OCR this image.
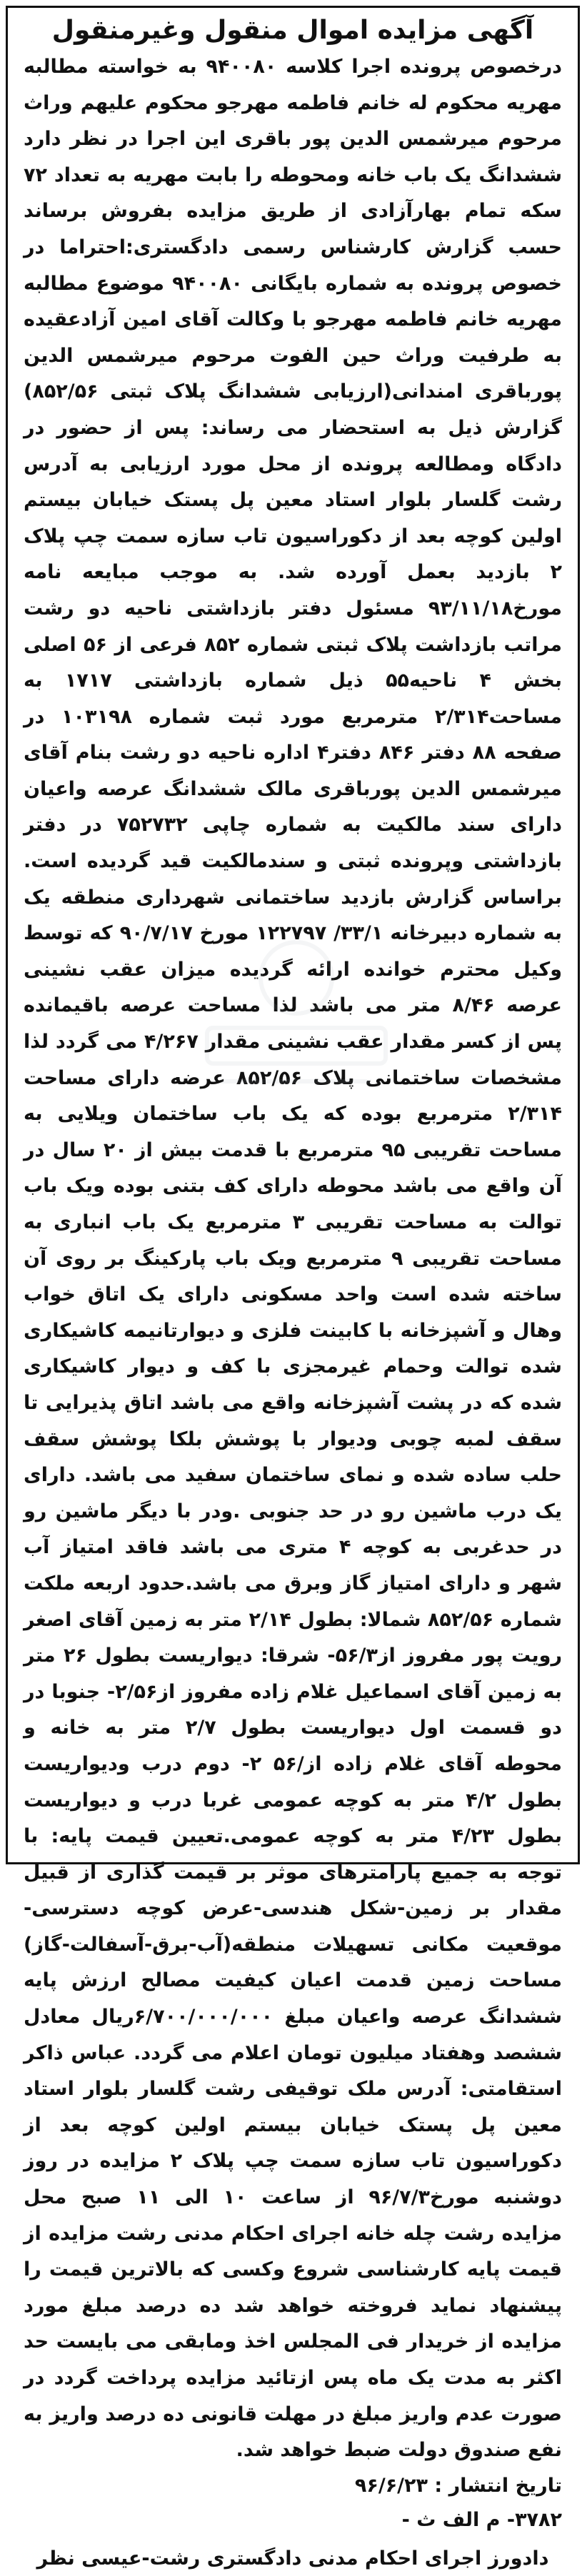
آگهی مزایده اموال منقول وغیرمنقول

درخصوص پرونده اجرا کلاسه ۹۴۰۰۸۰ به خواسته مطالبه مهریه محکوم له خانم فاطمه مهرجو محکوم علیهم وراث مرحوم میرشمس الدین پور باقری این اجرا در نظر دارد ششدانگ یک باب خانه ومحوطه را بابت مهریه به تعداد ۷۲ سکه تمام بهارآزادی از طریق مزایده بفروش برساند حسب گزارش کارشناس رسمی دادگستری:احتراما در خصوص پرونده به شماره بایگانی ۹۴۰۰۸۰ موضوع مطالبه مهریه خانم فاطمه مهرجو با وکالت آقای امین آزادعقیده به طرفیت وراث حین الفوت مرحوم میرشمس الدین پورباقری امندانی(ارزیابی ششدانگ پلاک ثبتی ۸۵۲/۵۶) گزارش ذیل به استحضار می رساند: پس از حضور در دادگاه ومطالعه پرونده از محل مورد ارزیابی به آدرس رشت گلسار بلوار استاد معین پل پستک خیابان بیستم اولین کوچه بعد از دکوراسیون تاب سازه سمت چپ پلاک ۲ بازدید بعمل آورده شد. به موجب مبایعه نامه مورخ۹۳/۱۱/۱۸ مسئول دفتر بازداشتی ناحیه دو رشت مراتب بازداشت پلاک ثبتی شماره ۸۵۲ فرعی از ۵۶ اصلی بخش ۴ ناحیه۵۵ ذیل شماره بازداشتی ۱۷۱۷ به مساحت۲/۳۱۴ مترمربع مورد ثبت شماره ۱۰۳۱۹۸ در صفحه ۸۸ دفتر ۸۴۶ دفتر۴ اداره ناحیه دو رشت بنام آقای میرشمس الدین پورباقری مالک ششدانگ عرصه واعیان دارای سند مالکیت به شماره چاپی ۷۵۲۷۳۲ در دفتر بازداشتی وپرونده ثبتی و سندمالکیت قید گردیده است. براساس گزارش بازدید ساختمانی شهرداری منطقه یک به شماره دبیرخانه ۳۳/۱/ ۱۲۲۷۹۷ مورخ ۹۰/۷/۱۷ که توسط وکیل محترم خوانده ارائه گردیده میزان عقب نشینی عرصه ۸/۴۶ متر می باشد لذا مساحت عرصه باقیمانده پس از کسر مقدار عقب نشینی مقدار ۴/۲۶۷ می گردد لذا مشخصات ساختمانی پلاک ۸۵۲/۵۶ عرضه دارای مساحت ۲/۳۱۴ مترمربع بوده که یک باب ساختمان ویلایی به مساحت تقریبی ۹۵ مترمربع با قدمت بیش از ۲۰ سال در آن واقع می باشد محوطه دارای کف بتنی بوده ویک باب توالت به مساحت تقریبی ۳ مترمربع یک باب انباری به مساحت تقریبی ۹ مترمربع ویک باب پارکینگ بر روی آن ساخته شده است واحد مسکونی دارای یک اتاق خواب وهال و آشپزخانه با کابینت فلزی و دیوارتانیمه کاشیکاری شده توالت وحمام غیرمجزی با کف و دیوار کاشیکاری شده که در پشت آشپزخانه واقع می باشد اتاق پذیرایی تا سقف لمبه چوبی ودیوار با پوشش بلکا پوشش سقف حلب ساده شده و نمای ساختمان سفید می باشد. دارای یک درب ماشین رو در حد جنوبی .ودر با دیگر ماشین رو در حدغربی به کوچه ۴ متری می باشد فاقد امتیاز آب شهر و دارای امتیاز گاز وبرق می باشد.حدود اربعه ملکت شماره ۸۵۲/۵۶ شمالا: بطول ۲/۱۴ متر به زمین آقای اصغر رویت پور مفروز از۵۶/۳- شرقا: دیواریست بطول ۲۶ متر به زمین آقای اسماعیل غلام زاده مفروز از۲/۵۶- جنوبا در دو قسمت اول دیواریست بطول ۲/۷ متر به خانه و محوطه آقای غلام زاده از/۵۶ ۲- دوم درب ودیواریست بطول ۴/۲ متر به کوچه عمومی غربا درب و دیواریست بطول ۴/۲۳ متر به کوچه عمومی.تعیین قیمت پایه: با توجه به جمیع پارامترهای موثر بر قیمت گذاری از قبیل مقدار بر زمین-شکل هندسی-عرض کوچه دسترسی-موقعیت مکانی تسهیلات منطقه(آب-برق-آسفالت-گاز) مساحت زمین قدمت اعیان کیفیت مصالح ارزش پایه ششدانگ عرصه واعیان مبلغ ۶/۷۰۰/۰۰۰/۰۰۰ریال معادل ششصد وهفتاد میلیون تومان اعلام می گردد. عباس ذاکر استقامتی: آدرس ملک توقیفی رشت گلسار بلوار استاد معین پل پستک خیابان بیستم اولین کوچه بعد از دکوراسیون تاب سازه سمت چپ پلاک ۲ مزایده در روز دوشنبه مورخ۹۶/۷/۳ از ساعت ۱۰ الی ۱۱ صبح محل مزایده رشت چله خانه اجرای احکام مدنی رشت مزایده از قیمت پایه کارشناسی شروع وکسی که بالاترین قیمت را پیشنهاد نماید فروخته خواهد شد ده درصد مبلغ مورد مزایده از خریدار فی المجلس اخذ ومابقی می بایست حد اکثر به مدت یک ماه پس ازتائید مزایده پرداخت گردد در صورت عدم واریز مبلغ در مهلت قانونی ده درصد واریز به نفع صندوق دولت ضبط خواهد شد.

تاریخ انتشار : ۹۶/۶/۲۳
۳۷۸۲- م الف ث -
دادورز اجرای احکام مدنی دادگستری رشت-عیسی نظر
